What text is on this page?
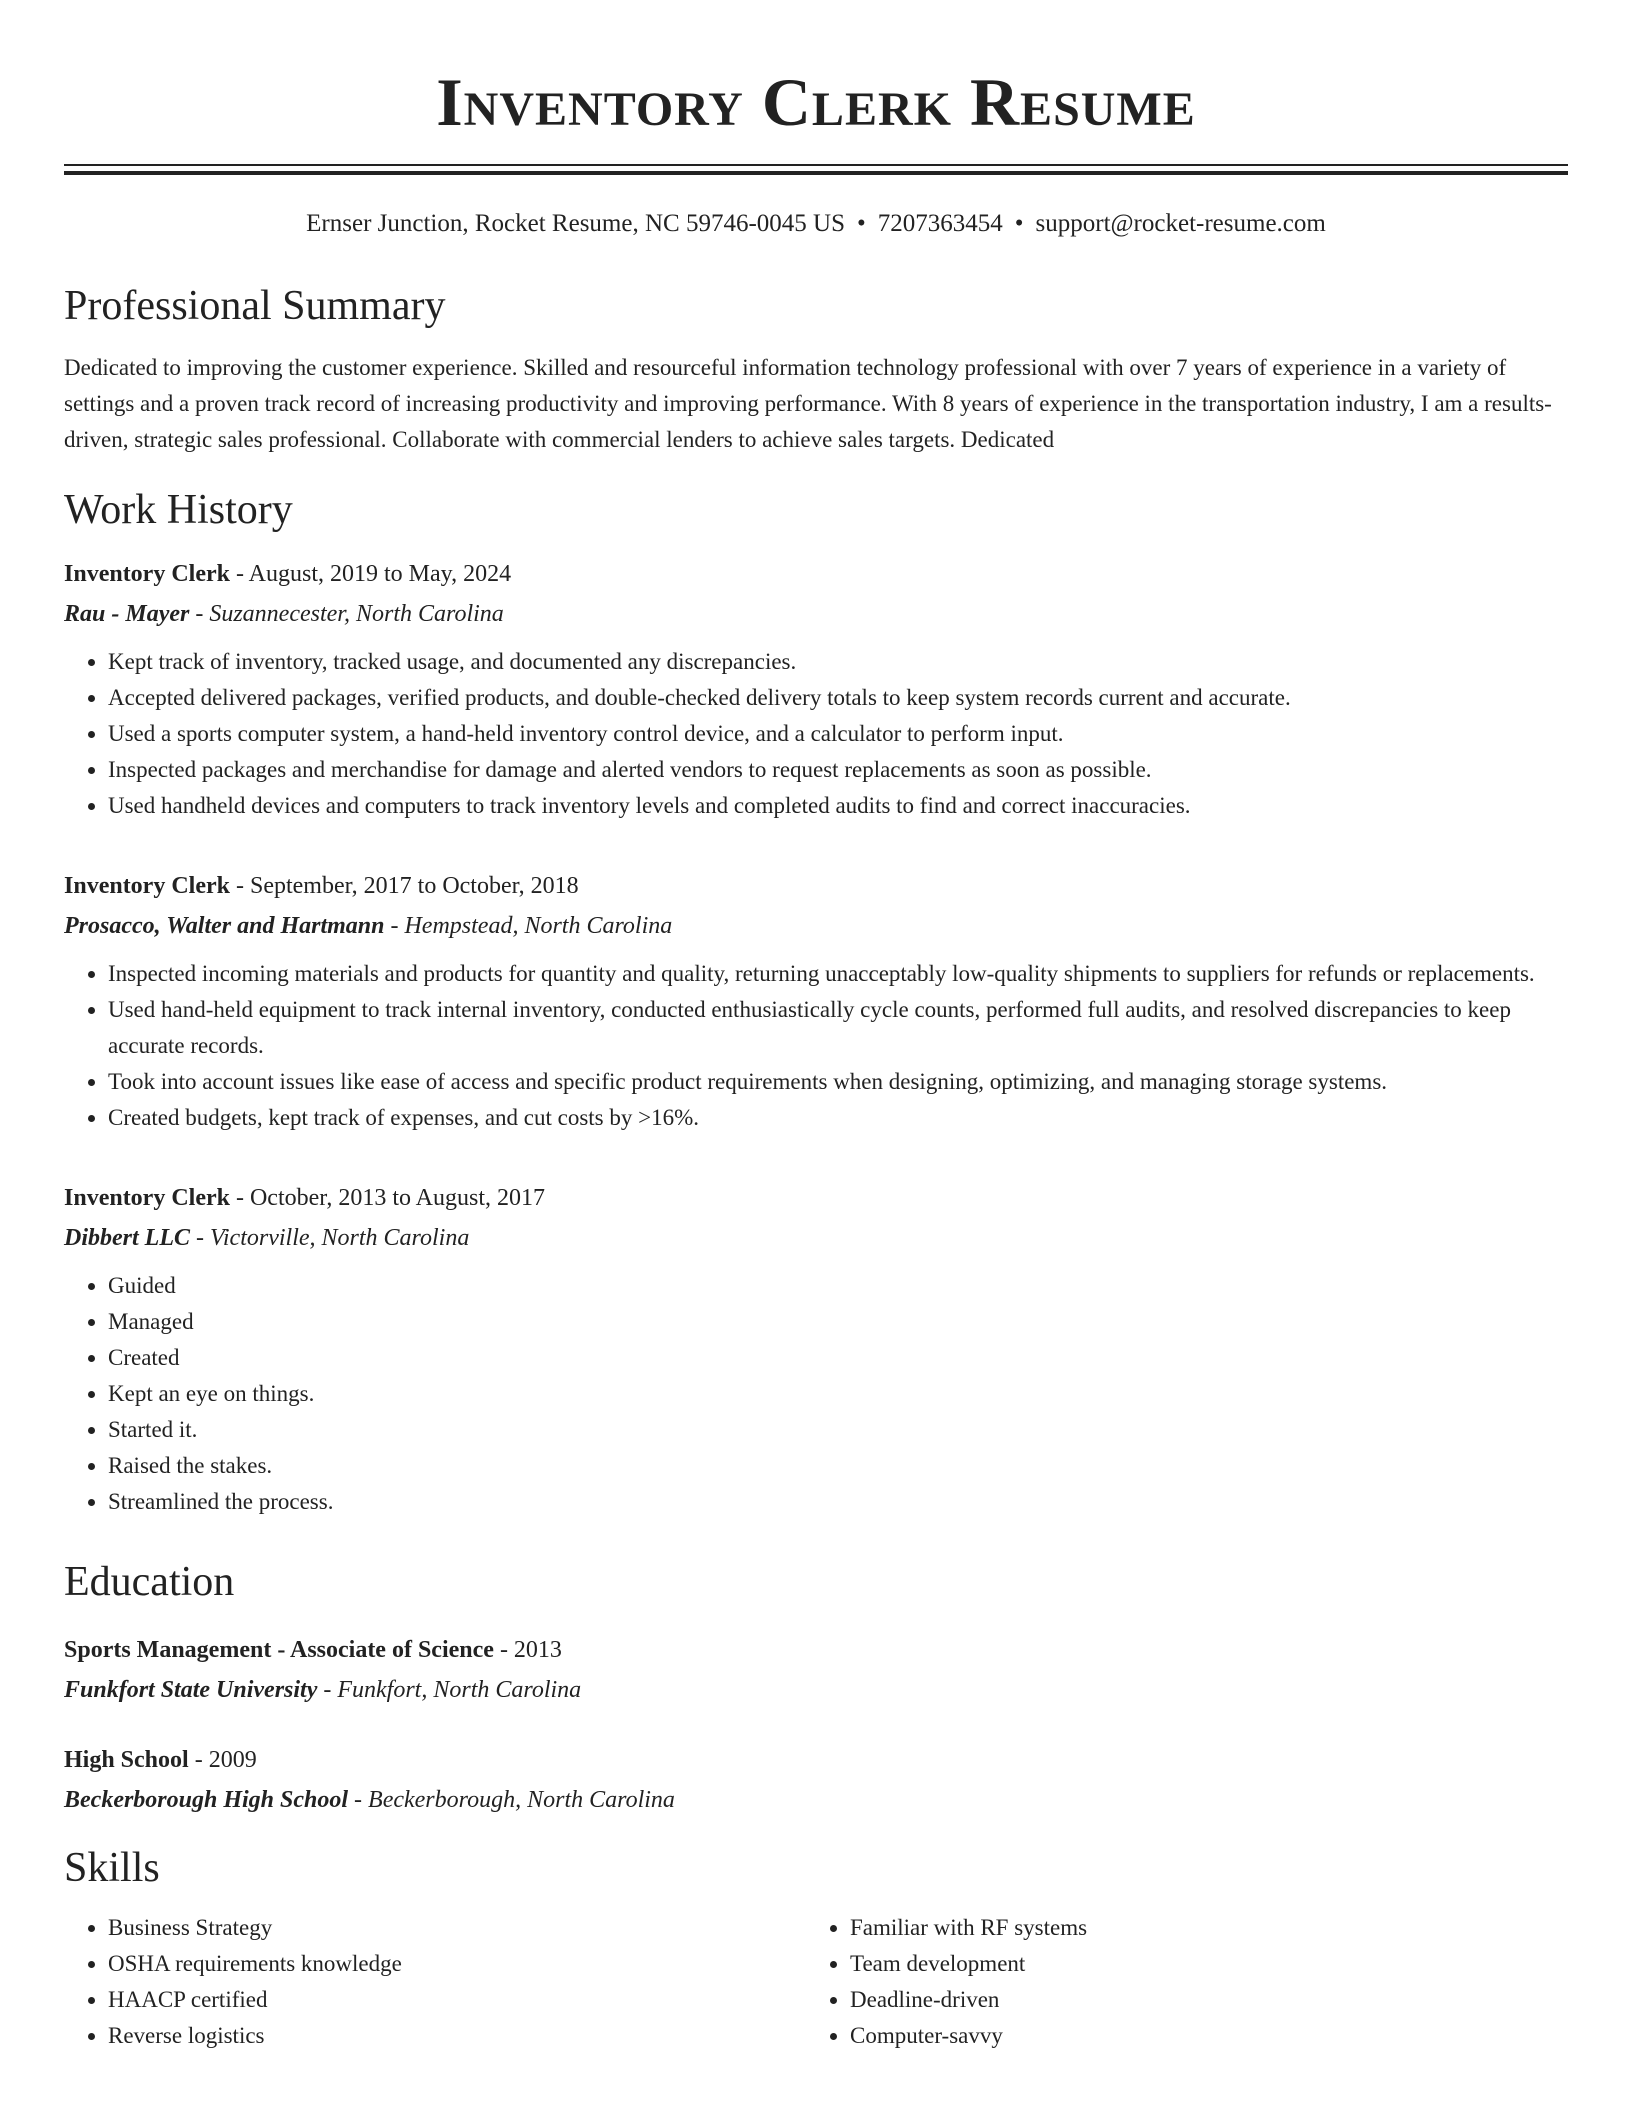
Inventory Clerk Resume
Ernser Junction, Rocket Resume, NC 59746-0045 US • 7207363454 • support@rocket-resume.com
Professional Summary
Dedicated to improving the customer experience. Skilled and resourceful information technology professional with over 7 years of experience in a variety of settings and a proven track record of increasing productivity and improving performance. With 8 years of experience in the transportation industry, I am a results-driven, strategic sales professional. Collaborate with commercial lenders to achieve sales targets. Dedicated
Work History
Inventory Clerk - August, 2019 to May, 2024
Rau - Mayer - Suzannecester, North Carolina
• Kept track of inventory, tracked usage, and documented any discrepancies.
• Accepted delivered packages, verified products, and double-checked delivery totals to keep system records current and accurate.
• Used a sports computer system, a hand-held inventory control device, and a calculator to perform input.
• Inspected packages and merchandise for damage and alerted vendors to request replacements as soon as possible.
• Used handheld devices and computers to track inventory levels and completed audits to find and correct inaccuracies.
Inventory Clerk - September, 2017 to October, 2018
Prosacco, Walter and Hartmann - Hempstead, North Carolina
• Inspected incoming materials and products for quantity and quality, returning unacceptably low-quality shipments to suppliers for refunds or replacements.
• Used hand-held equipment to track internal inventory, conducted enthusiastically cycle counts, performed full audits, and resolved discrepancies to keep accurate records.
• Took into account issues like ease of access and specific product requirements when designing, optimizing, and managing storage systems.
• Created budgets, kept track of expenses, and cut costs by >16%.
Inventory Clerk - October, 2013 to August, 2017
Dibbert LLC - Victorville, North Carolina
• Guided
• Managed
• Created
• Kept an eye on things.
• Started it.
• Raised the stakes.
• Streamlined the process.
Education
Sports Management - Associate of Science - 2013
Funkfort State University - Funkfort, North Carolina
High School - 2009
Beckerborough High School - Beckerborough, North Carolina
Skills
• Business Strategy
• OSHA requirements knowledge
• HAACP certified
• Reverse logistics
• Familiar with RF systems
• Team development
• Deadline-driven
• Computer-savvy
